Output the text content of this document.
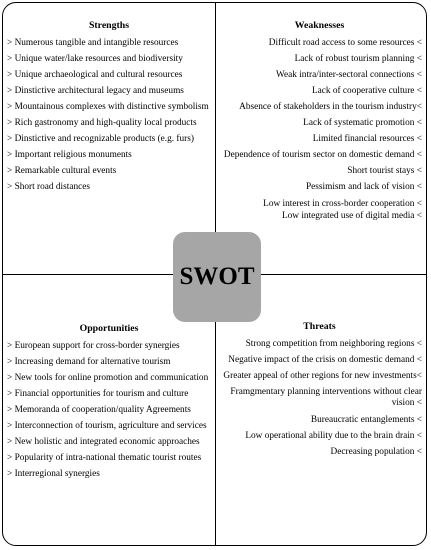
Strengths
> Numerous tangible and intangible resources
> Unique water/lake resources and biodiversity
> Unique archaeological and cultural resources
> Dinstictive architectural legacy and museums
> Mountainous complexes with distinctive symbolism
> Rich gastronomy and high-quality local products
> Dinstictive and recognizable products (e.g. furs)
> Important religious monuments
> Remarkable cultural events
> Short road distances
Weaknesses
Difficult road access to some resources <
Lack of robust tourism planning <
Weak intra/inter-sectoral connections <
Lack of cooperative culture <
Absence of stakeholders in the tourism industry<
Lack of systematic promotion <
Limited financial resources <
Dependence of tourism sector on domestic demand <
Short tourist stays <
Pessimism and lack of vision <
Low interest in cross-border cooperation <
Low integrated use of digital media <
Opportunities
> European support for cross-border synergies
> Increasing demand for alternative tourism
> New tools for online promotion and communication
> Financial opportunities for tourism and culture
> Memoranda of cooperation/quality Agreements
> Interconnection of tourism, agriculture and services
> New holistic and integrated economic approaches
> Popularity of intra-national thematic tourist routes
> Interregional synergies
Threats
Strong competition from neighboring regions <
Negative impact of the crisis on domestic demand <
Greater appeal of other regions for new investments<
Framgmentary planning interventions without clear vision <
Bureaucratic entanglements <
Low operational ability due to the brain drain <
Decreasing population <
SWOT
